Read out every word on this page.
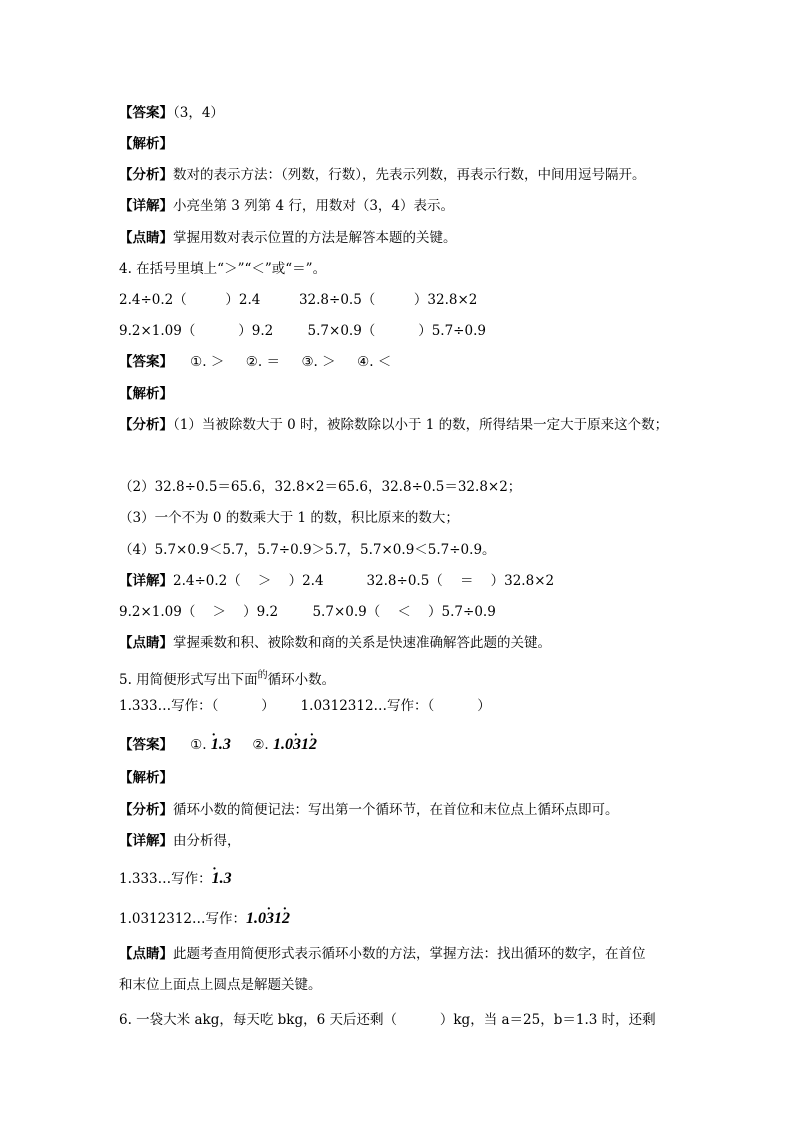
【答案】（3，4）
【解析】
【分析】数对的表示方法：（列数，行数），先表示列数，再表示行数，中间用逗号隔开。
【详解】小亮坐第 3 列第 4 行，用数对（3，4）表示。
【点睛】掌握用数对表示位置的方法是解答本题的关键。
4. 在括号里填上“＞”“＜”或“＝”。
2.4÷0.2（         ）2.4         32.8÷0.5（         ）32.8×2
9.2×1.09（          ）9.2        5.7×0.9（          ）5.7÷0.9
【答案】    ①. ＞     ②. ＝     ③. ＞     ④. ＜
【解析】
【分析】（1）当被除数大于 0 时，被除数除以小于 1 的数，所得结果一定大于原来这个数；
（2）32.8÷0.5＝65.6，32.8×2＝65.6，32.8÷0.5＝32.8×2；
（3）一个不为 0 的数乘大于 1 的数，积比原来的数大；
（4）5.7×0.9＜5.7，5.7÷0.9＞5.7，5.7×0.9＜5.7÷0.9。
【详解】2.4÷0.2（    ＞    ）2.4          32.8÷0.5（    ＝    ）32.8×2
9.2×1.09（    ＞    ）9.2        5.7×0.9（    ＜    ）5.7÷0.9
【点睛】掌握乘数和积、被除数和商的关系是快速准确解答此题的关键。
5. 用简便形式写出下面$^的$循环小数。
1.333…写作：（          ）      1.0312312…写作：（          ）
【答案】    ①. 1.3 ·     ②. 1.03 ·12 ·
【解析】
【分析】循环小数的简便记法：写出第一个循环节，在首位和末位点上循环点即可。
【详解】由分析得，
1.333…写作：1.3 ·
1.0312312…写作：1.03 ·12 ·
【点睛】此题考查用简便形式表示循环小数的方法，掌握方法：找出循环的数字，在首位
和末位上面点上圆点是解题关键。
6. 一袋大米 akg，每天吃 bkg，6 天后还剩（          ）kg，当 a＝25，b＝1.3 时，还剩
